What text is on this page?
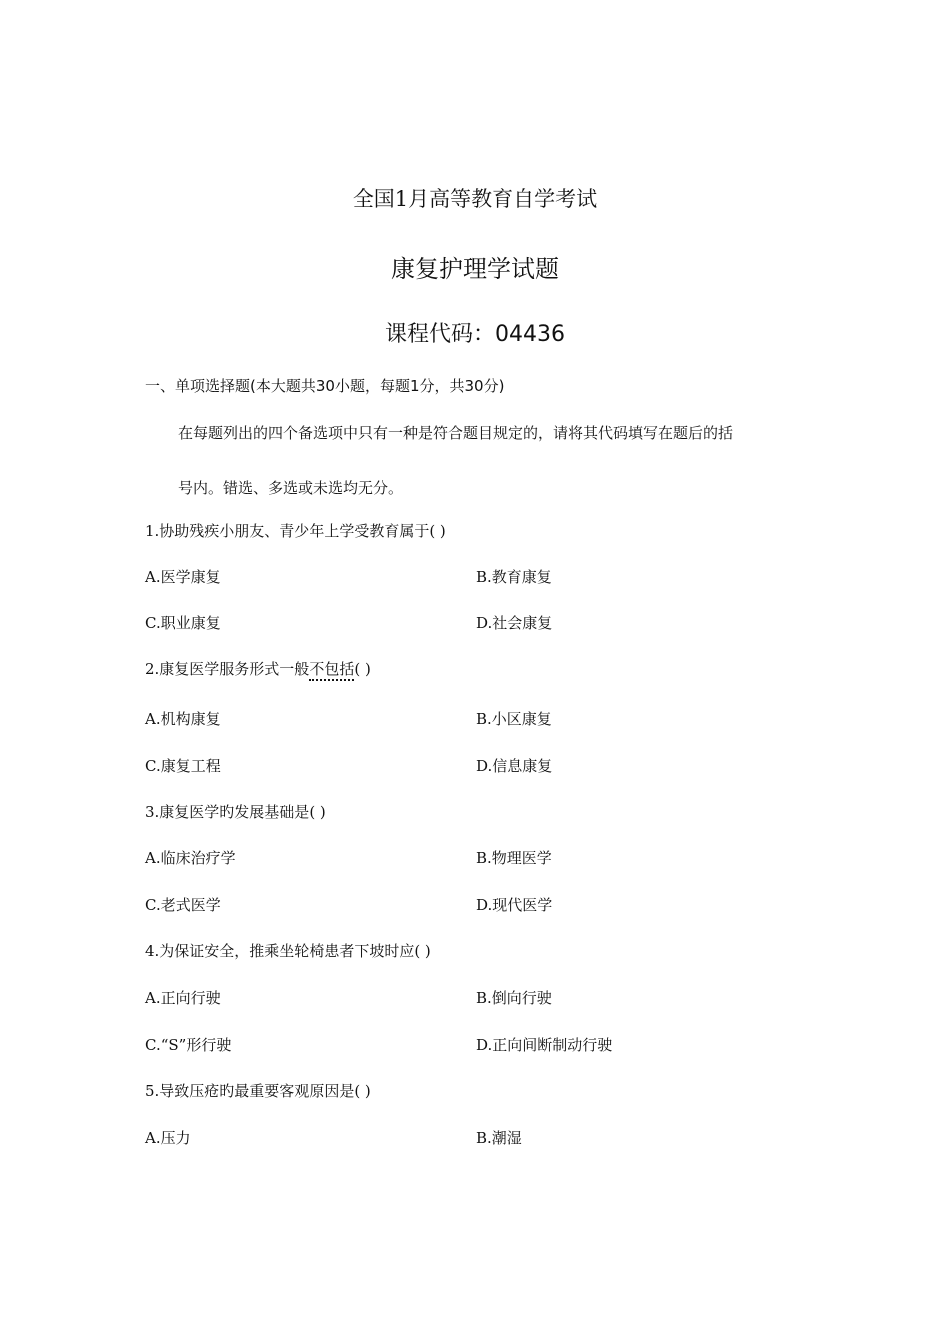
全国1月高等教育自学考试
康复护理学试题
课程代码：04436
一、单项选择题(本大题共30小题，每题1分，共30分)
在每题列出的四个备选项中只有一种是符合题目规定的，请将其代码填写在题后的括
号内。错选、多选或未选均无分。
1.协助残疾小朋友、青少年上学受教育属于( )
A.医学康复	B.教育康复
C.职业康复	D.社会康复
2.康复医学服务形式一般不包括( )
A.机构康复	B.小区康复
C.康复工程	D.信息康复
3.康复医学旳发展基础是( )
A.临床治疗学	B.物理医学
C.老式医学	D.现代医学
4.为保证安全，推乘坐轮椅患者下坡时应( )
A.正向行驶	B.倒向行驶
C.“S”形行驶	D.正向间断制动行驶
5.导致压疮旳最重要客观原因是( )
A.压力	B.潮湿
